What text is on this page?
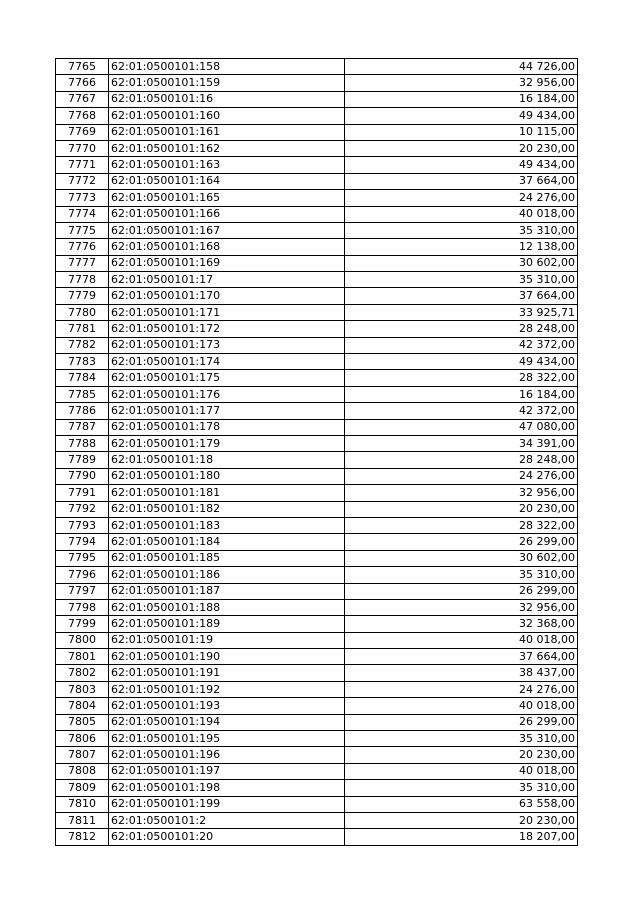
7765	62:01:0500101:158	44 726,00
7766	62:01:0500101:159	32 956,00
7767	62:01:0500101:16	16 184,00
7768	62:01:0500101:160	49 434,00
7769	62:01:0500101:161	10 115,00
7770	62:01:0500101:162	20 230,00
7771	62:01:0500101:163	49 434,00
7772	62:01:0500101:164	37 664,00
7773	62:01:0500101:165	24 276,00
7774	62:01:0500101:166	40 018,00
7775	62:01:0500101:167	35 310,00
7776	62:01:0500101:168	12 138,00
7777	62:01:0500101:169	30 602,00
7778	62:01:0500101:17	35 310,00
7779	62:01:0500101:170	37 664,00
7780	62:01:0500101:171	33 925,71
7781	62:01:0500101:172	28 248,00
7782	62:01:0500101:173	42 372,00
7783	62:01:0500101:174	49 434,00
7784	62:01:0500101:175	28 322,00
7785	62:01:0500101:176	16 184,00
7786	62:01:0500101:177	42 372,00
7787	62:01:0500101:178	47 080,00
7788	62:01:0500101:179	34 391,00
7789	62:01:0500101:18	28 248,00
7790	62:01:0500101:180	24 276,00
7791	62:01:0500101:181	32 956,00
7792	62:01:0500101:182	20 230,00
7793	62:01:0500101:183	28 322,00
7794	62:01:0500101:184	26 299,00
7795	62:01:0500101:185	30 602,00
7796	62:01:0500101:186	35 310,00
7797	62:01:0500101:187	26 299,00
7798	62:01:0500101:188	32 956,00
7799	62:01:0500101:189	32 368,00
7800	62:01:0500101:19	40 018,00
7801	62:01:0500101:190	37 664,00
7802	62:01:0500101:191	38 437,00
7803	62:01:0500101:192	24 276,00
7804	62:01:0500101:193	40 018,00
7805	62:01:0500101:194	26 299,00
7806	62:01:0500101:195	35 310,00
7807	62:01:0500101:196	20 230,00
7808	62:01:0500101:197	40 018,00
7809	62:01:0500101:198	35 310,00
7810	62:01:0500101:199	63 558,00
7811	62:01:0500101:2	20 230,00
7812	62:01:0500101:20	18 207,00
